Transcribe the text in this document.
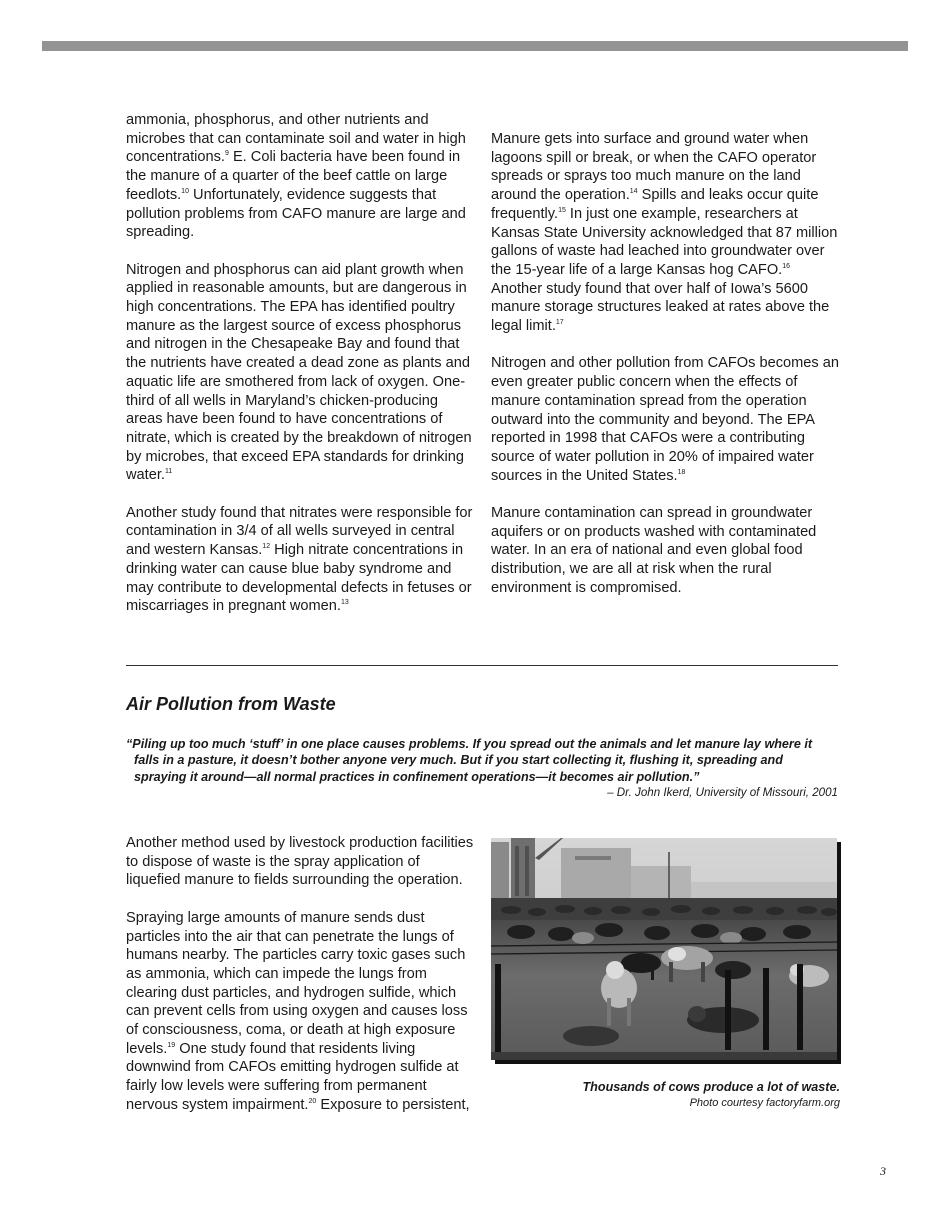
ammonia, phosphorus, and other nutrients and microbes that can contaminate soil and water in high concentrations.$^9$ E. Coli bacteria have been found in the manure of a quarter of the beef cattle on large feedlots.$^{10}$ Unfortunately, evidence suggests that pollution problems from CAFO manure are large and spreading.

Nitrogen and phosphorus can aid plant growth when applied in reasonable amounts, but are dangerous in high concentrations. The EPA has identified poultry manure as the largest source of excess phosphorus and nitrogen in the Chesapeake Bay and found that the nutrients have created a dead zone as plants and aquatic life are smothered from lack of oxygen. One-third of all wells in Maryland’s chicken-producing areas have been found to have concentrations of nitrate, which is created by the breakdown of nitrogen by microbes, that exceed EPA standards for drinking water.$^{11}$

Another study found that nitrates were responsible for contamination in 3/4 of all wells surveyed in central and western Kansas.$^{12}$ High nitrate concentrations in drinking water can cause blue baby syndrome and may contribute to developmental defects in fetuses or miscarriages in pregnant women.$^{13}$

Manure gets into surface and ground water when lagoons spill or break, or when the CAFO operator spreads or sprays too much manure on the land around the operation.$^{14}$ Spills and leaks occur quite frequently.$^{15}$ In just one example, researchers at Kansas State University acknowledged that 87 million gallons of waste had leached into groundwater over the 15-year life of a large Kansas hog CAFO.$^{16}$ Another study found that over half of Iowa’s 5600 manure storage structures leaked at rates above the legal limit.$^{17}$

Nitrogen and other pollution from CAFOs becomes an even greater public concern when the effects of manure contamination spread from the operation outward into the community and beyond. The EPA reported in 1998 that CAFOs were a contributing source of water pollution in 20% of impaired water sources in the United States.$^{18}$

Manure contamination can spread in groundwater aquifers or on products washed with contaminated water. In an era of national and even global food distribution, we are all at risk when the rural environment is compromised.

Air Pollution from Waste

“Piling up too much ‘stuff’ in one place causes problems. If you spread out the animals and let manure lay where it falls in a pasture, it doesn’t bother anyone very much. But if you start collecting it, flushing it, spreading and spraying it around—all normal practices in confinement operations—it becomes air pollution.”

– Dr. John Ikerd, University of Missouri, 2001

Another method used by livestock production facilities to dispose of waste is the spray application of liquefied manure to fields surrounding the operation.

Spraying large amounts of manure sends dust particles into the air that can penetrate the lungs of humans nearby. The particles carry toxic gases such as ammonia, which can impede the lungs from clearing dust particles, and hydrogen sulfide, which can prevent cells from using oxygen and causes loss of consciousness, coma, or death at high exposure levels.$^{19}$ One study found that residents living downwind from CAFOs emitting hydrogen sulfide at fairly low levels were suffering from permanent nervous system impairment.$^{20}$ Exposure to persistent,

Thousands of cows produce a lot of waste.
Photo courtesy factoryfarm.org
3
